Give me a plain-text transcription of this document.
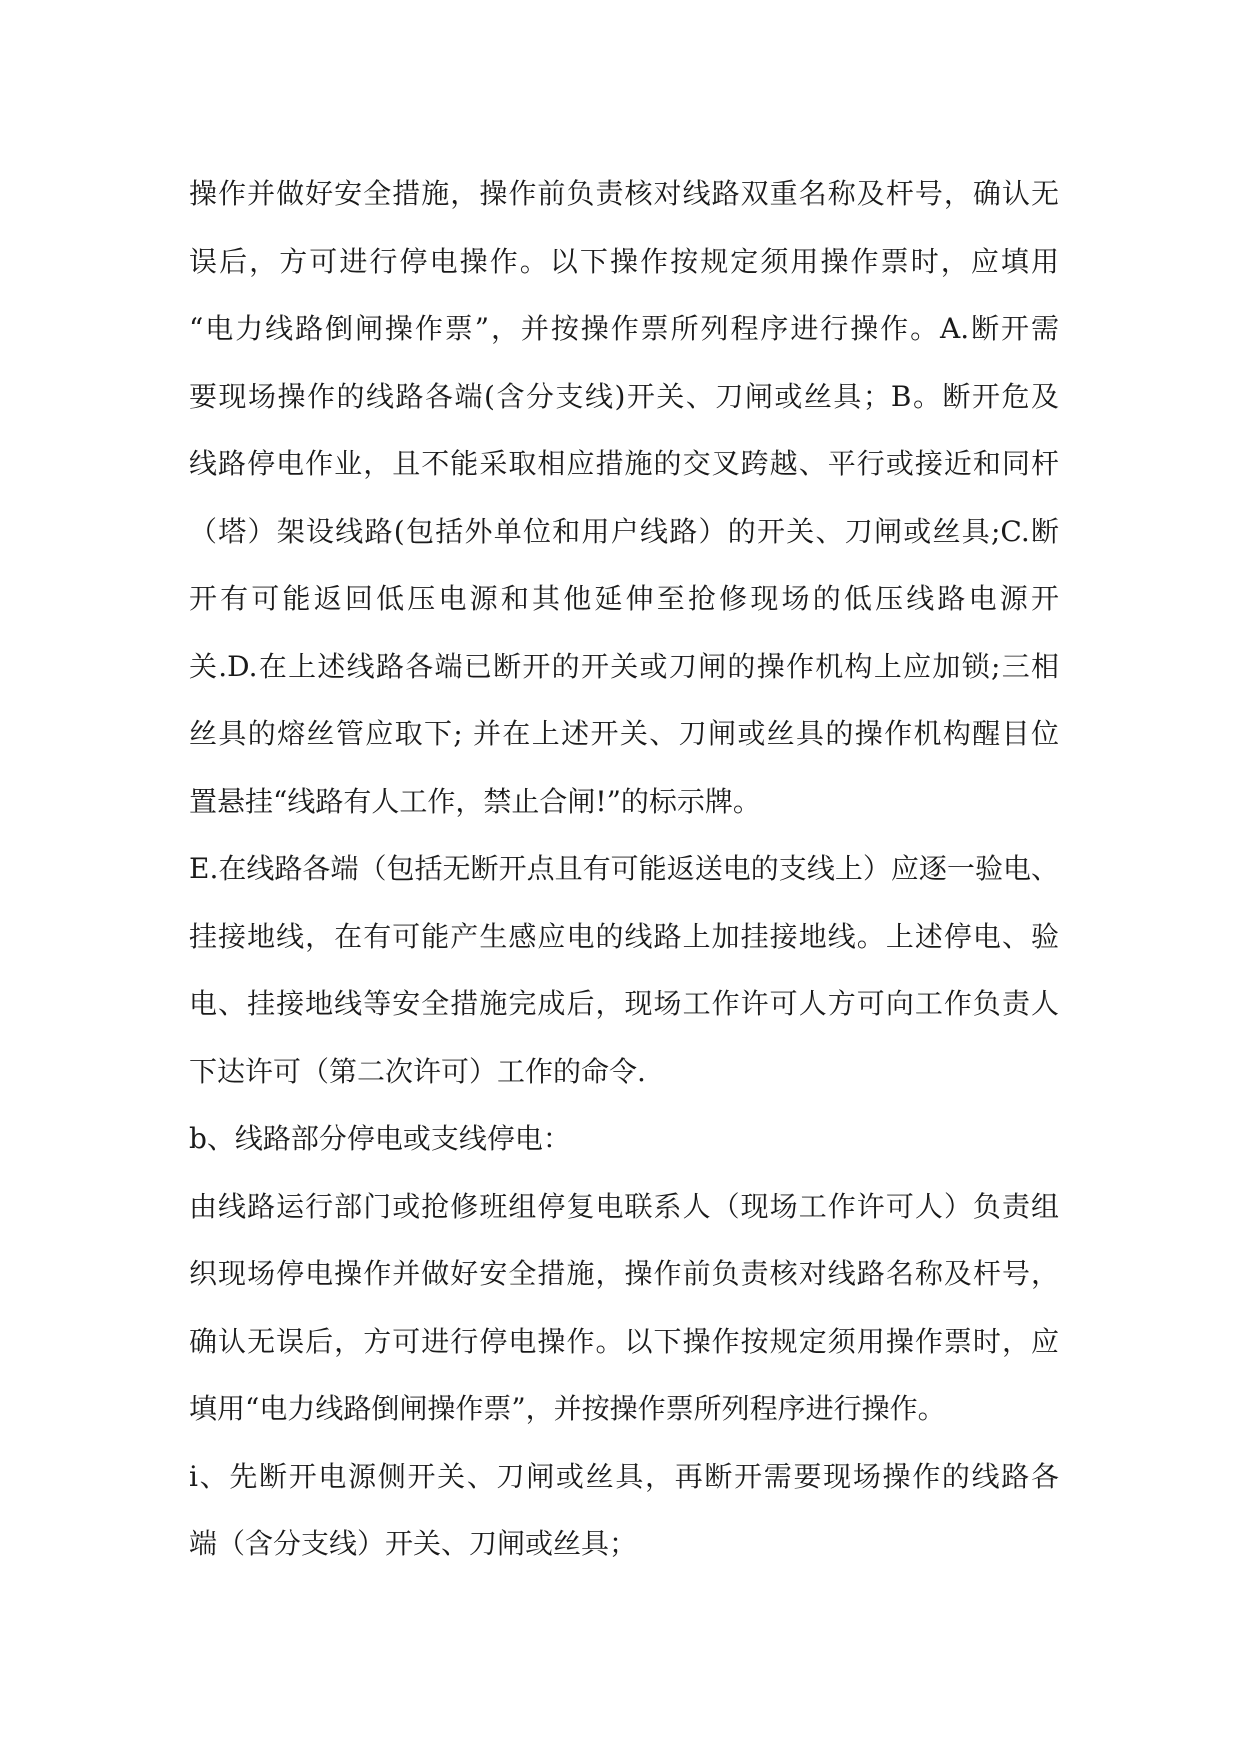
操作并做好安全措施，操作前负责核对线路双重名称及杆号，确认无
误后，方可进行停电操作。以下操作按规定须用操作票时，应填用
“电力线路倒闸操作票”，并按操作票所列程序进行操作。A.断开需
要现场操作的线路各端(含分支线)开关、刀闸或丝具；B。断开危及
线路停电作业，且不能采取相应措施的交叉跨越、平行或接近和同杆
（塔）架设线路(包括外单位和用户线路）的开关、刀闸或丝具;C.断
开有可能返回低压电源和其他延伸至抢修现场的低压线路电源开
关.D.在上述线路各端已断开的开关或刀闸的操作机构上应加锁;三相
丝具的熔丝管应取下; 并在上述开关、刀闸或丝具的操作机构醒目位
置悬挂“线路有人工作，禁止合闸!”的标示牌。
E.在线路各端（包括无断开点且有可能返送电的支线上）应逐一验电、
挂接地线，在有可能产生感应电的线路上加挂接地线。上述停电、验
电、挂接地线等安全措施完成后，现场工作许可人方可向工作负责人
下达许可（第二次许可）工作的命令.
b、线路部分停电或支线停电：
由线路运行部门或抢修班组停复电联系人（现场工作许可人）负责组
织现场停电操作并做好安全措施，操作前负责核对线路名称及杆号，
确认无误后，方可进行停电操作。以下操作按规定须用操作票时，应
填用“电力线路倒闸操作票”，并按操作票所列程序进行操作。
ⅰ、先断开电源侧开关、刀闸或丝具，再断开需要现场操作的线路各
端（含分支线）开关、刀闸或丝具；
